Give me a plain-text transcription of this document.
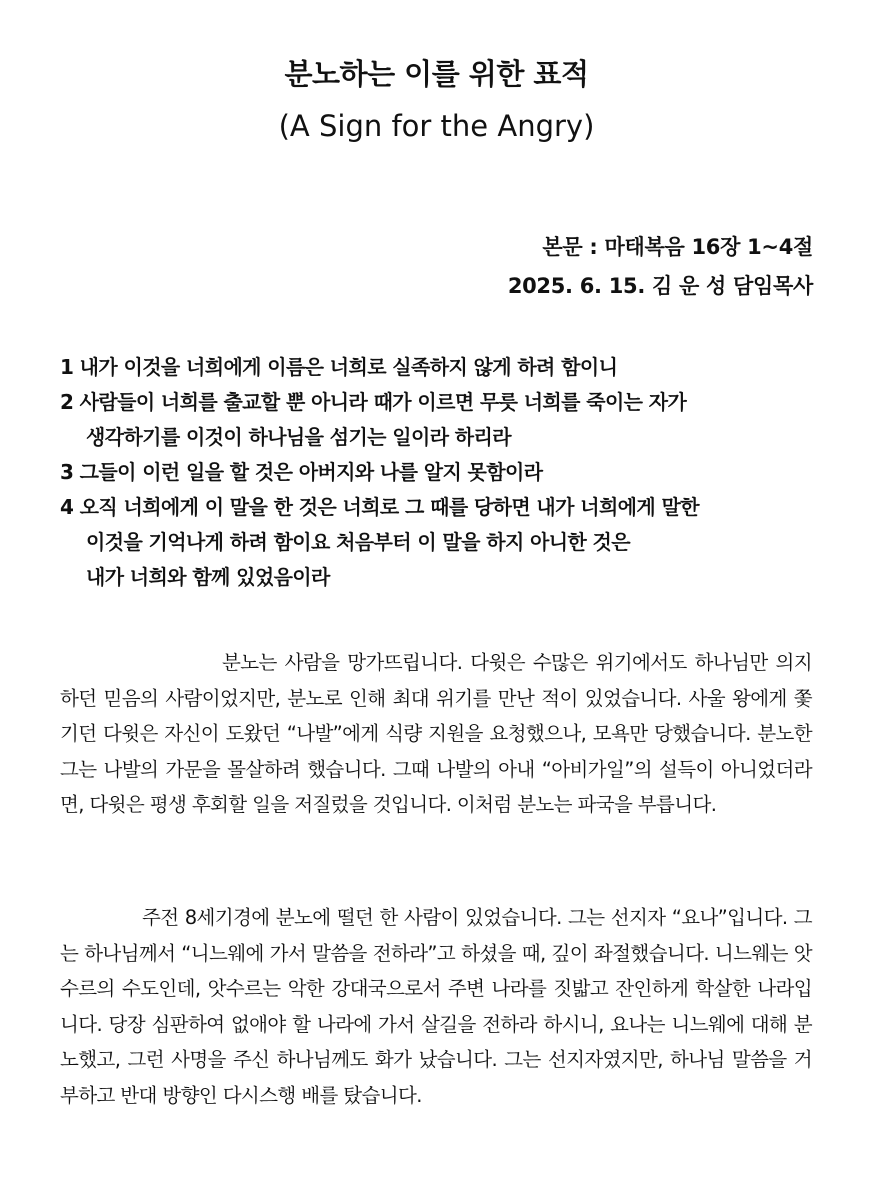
분노하는 이를 위한 표적
(A Sign for the Angry)
본문 : 마태복음 16장 1~4절
2025. 6. 15. 김 운 성 담임목사
1 내가 이것을 너희에게 이름은 너희로 실족하지 않게 하려 함이니
2 사람들이 너희를 출교할 뿐 아니라 때가 이르면 무릇 너희를 죽이는 자가
생각하기를 이것이 하나님을 섬기는 일이라 하리라
3 그들이 이런 일을 할 것은 아버지와 나를 알지 못함이라
4 오직 너희에게 이 말을 한 것은 너희로 그 때를 당하면 내가 너희에게 말한
이것을 기억나게 하려 함이요 처음부터 이 말을 하지 아니한 것은
내가 너희와 함께 있었음이라
분노는 사람을 망가뜨립니다. 다윗은 수많은 위기에서도 하나님만 의지하던 믿음의 사람이었지만, 분노로 인해 최대 위기를 만난 적이 있었습니다. 사울 왕에게 쫓기던 다윗은 자신이 도왔던 “나발”에게 식량 지원을 요청했으나, 모욕만 당했습니다. 분노한 그는 나발의 가문을 몰살하려 했습니다. 그때 나발의 아내 “아비가일”의 설득이 아니었더라면, 다윗은 평생 후회할 일을 저질렀을 것입니다. 이처럼 분노는 파국을 부릅니다.
주전 8세기경에 분노에 떨던 한 사람이 있었습니다. 그는 선지자 “요나”입니다. 그는 하나님께서 “니느웨에 가서 말씀을 전하라”고 하셨을 때, 깊이 좌절했습니다. 니느웨는 앗수르의 수도인데, 앗수르는 악한 강대국으로서 주변 나라를 짓밟고 잔인하게 학살한 나라입니다. 당장 심판하여 없애야 할 나라에 가서 살길을 전하라 하시니, 요나는 니느웨에 대해 분노했고, 그런 사명을 주신 하나님께도 화가 났습니다. 그는 선지자였지만, 하나님 말씀을 거부하고 반대 방향인 다시스행 배를 탔습니다.
